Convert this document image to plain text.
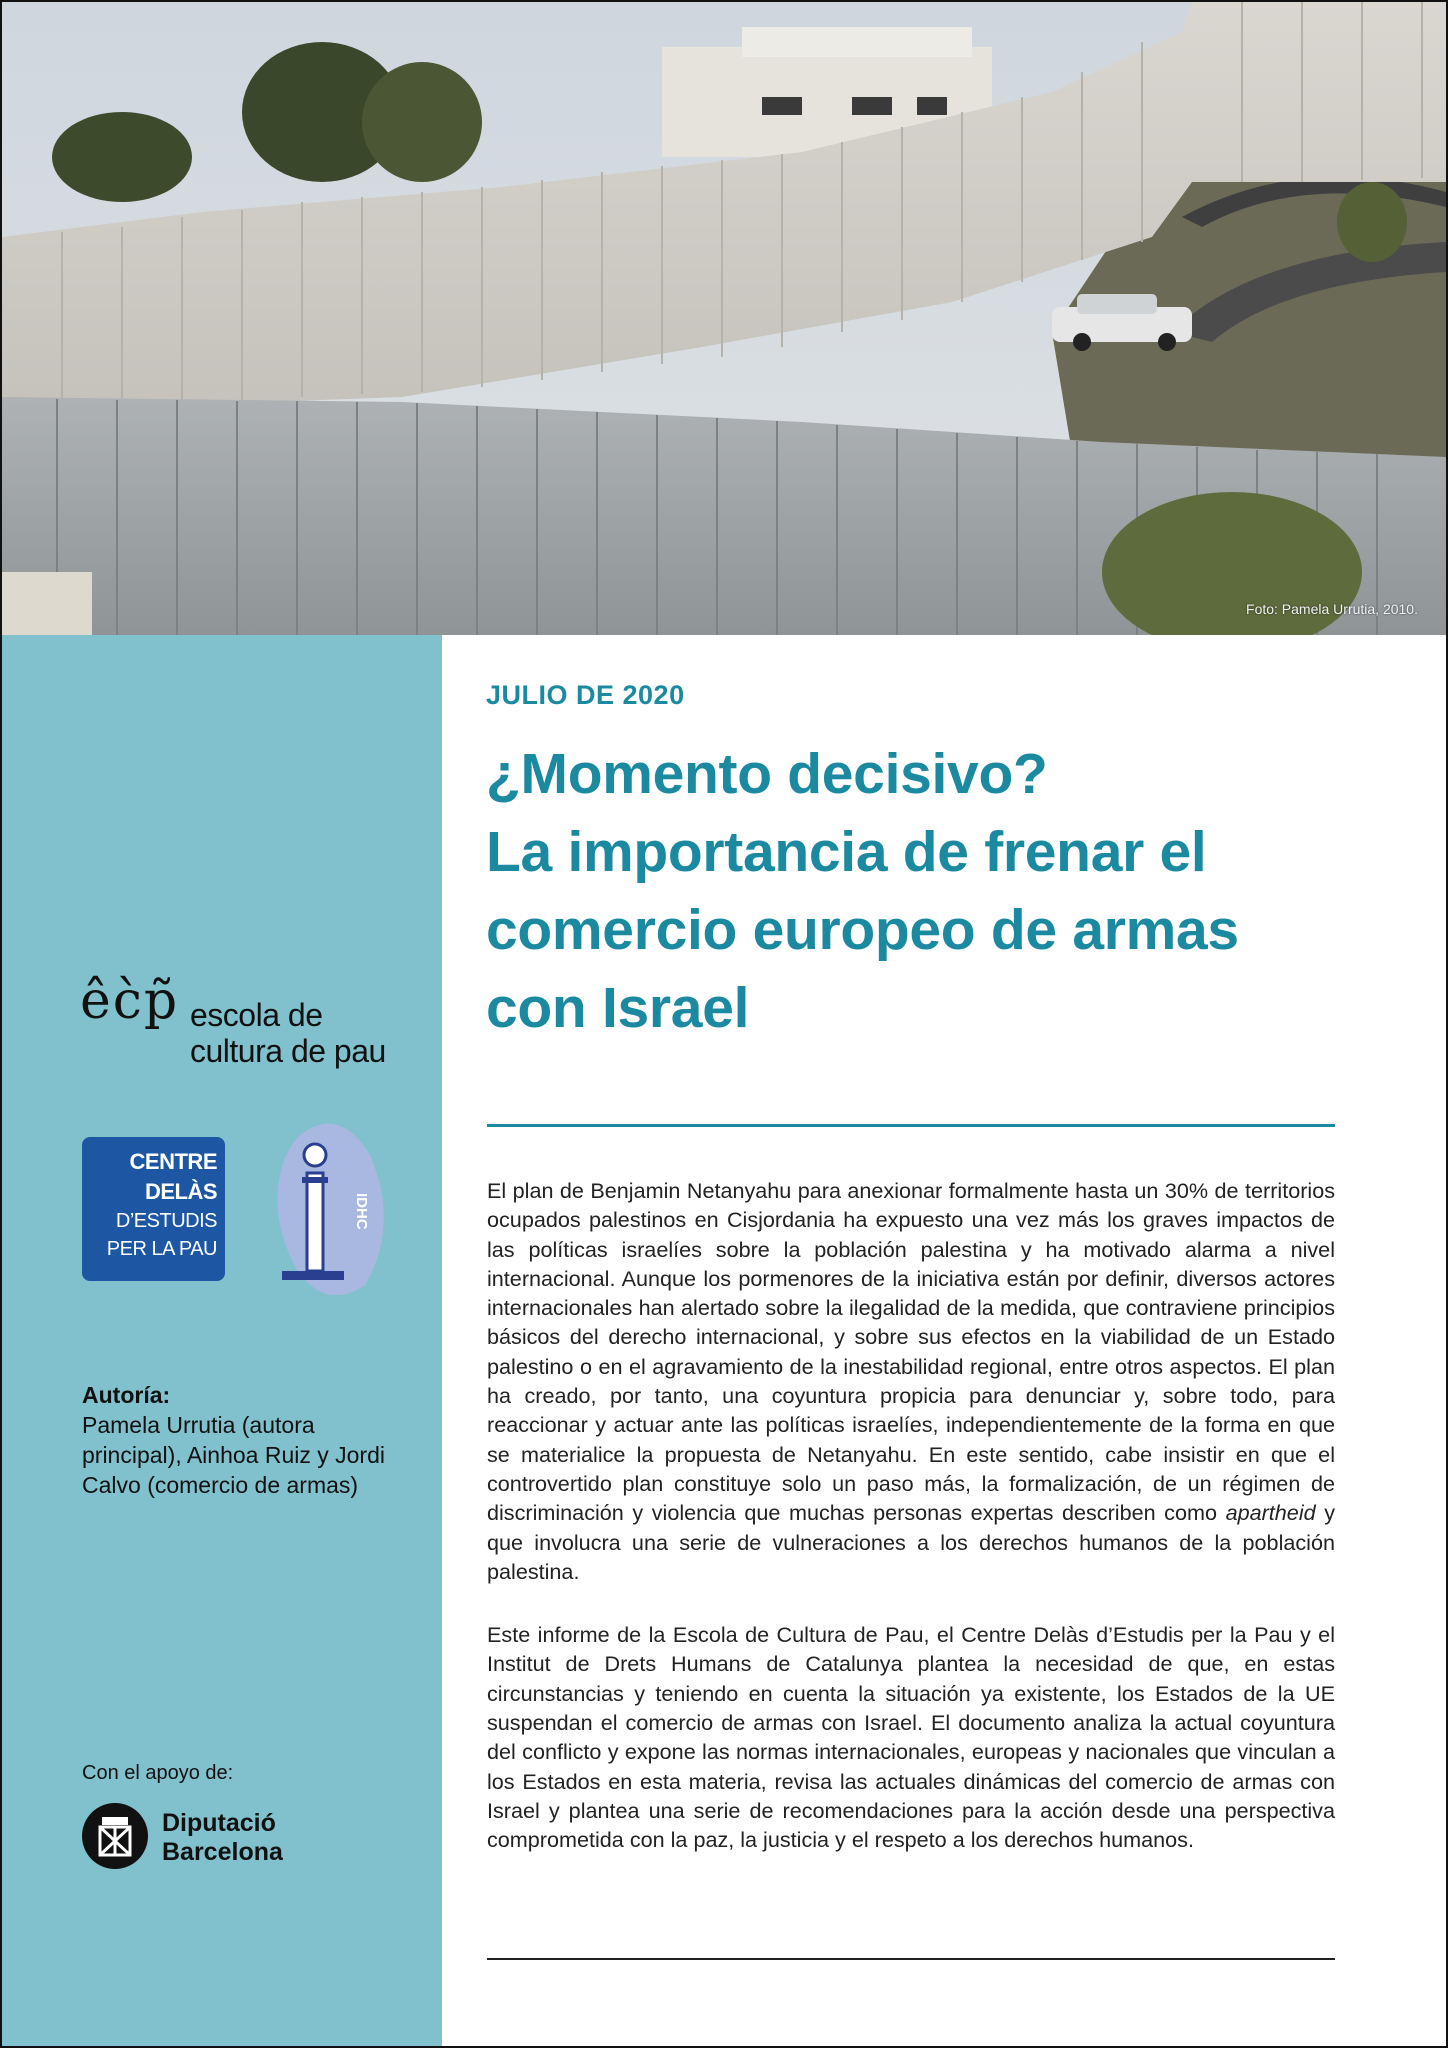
Foto: Pamela Urrutia, 2010.
êc̀p̃ escola de
cultura de pau
CENTRE DELÀS
D’ESTUDIS
PER LA PAU
IDHC
Autoría:
Pamela Urrutia (autora principal), Ainhoa Ruiz y Jordi Calvo (comercio de armas)
Con el apoyo de:
Diputació
Barcelona
JULIO DE 2020
¿Momento decisivo?
La importancia de frenar el
comercio europeo de armas
con Israel

El plan de Benjamin Netanyahu para anexionar formalmente hasta un 30% de territorios ocupados palestinos en Cisjordania ha expuesto una vez más los graves impactos de las políticas israelíes sobre la población palestina y ha motivado alarma a nivel internacional. Aunque los pormenores de la iniciativa están por definir, diversos actores internacionales han alertado sobre la ilegalidad de la medida, que contraviene principios básicos del derecho internacional, y sobre sus efectos en la viabilidad de un Estado palestino o en el agravamiento de la inestabilidad regional, entre otros aspectos. El plan ha creado, por tanto, una coyuntura propicia para denunciar y, sobre todo, para reaccionar y actuar ante las políticas israelíes, independientemente de la forma en que se materialice la propuesta de Netanyahu. En este sentido, cabe insistir en que el controvertido plan constituye solo un paso más, la formalización, de un régimen de discriminación y violencia que muchas personas expertas describen como apartheid y que involucra una serie de vulneraciones a los derechos humanos de la población palestina.

Este informe de la Escola de Cultura de Pau, el Centre Delàs d’Estudis per la Pau y el Institut de Drets Humans de Catalunya plantea la necesidad de que, en estas circunstancias y teniendo en cuenta la situación ya existente, los Estados de la UE suspendan el comercio de armas con Israel. El documento analiza la actual coyuntura del conflicto y expone las normas internacionales, europeas y nacionales que vinculan a los Estados en esta materia, revisa las actuales dinámicas del comercio de armas con Israel y plantea una serie de recomendaciones para la acción desde una perspectiva comprometida con la paz, la justicia y el respeto a los derechos humanos.
